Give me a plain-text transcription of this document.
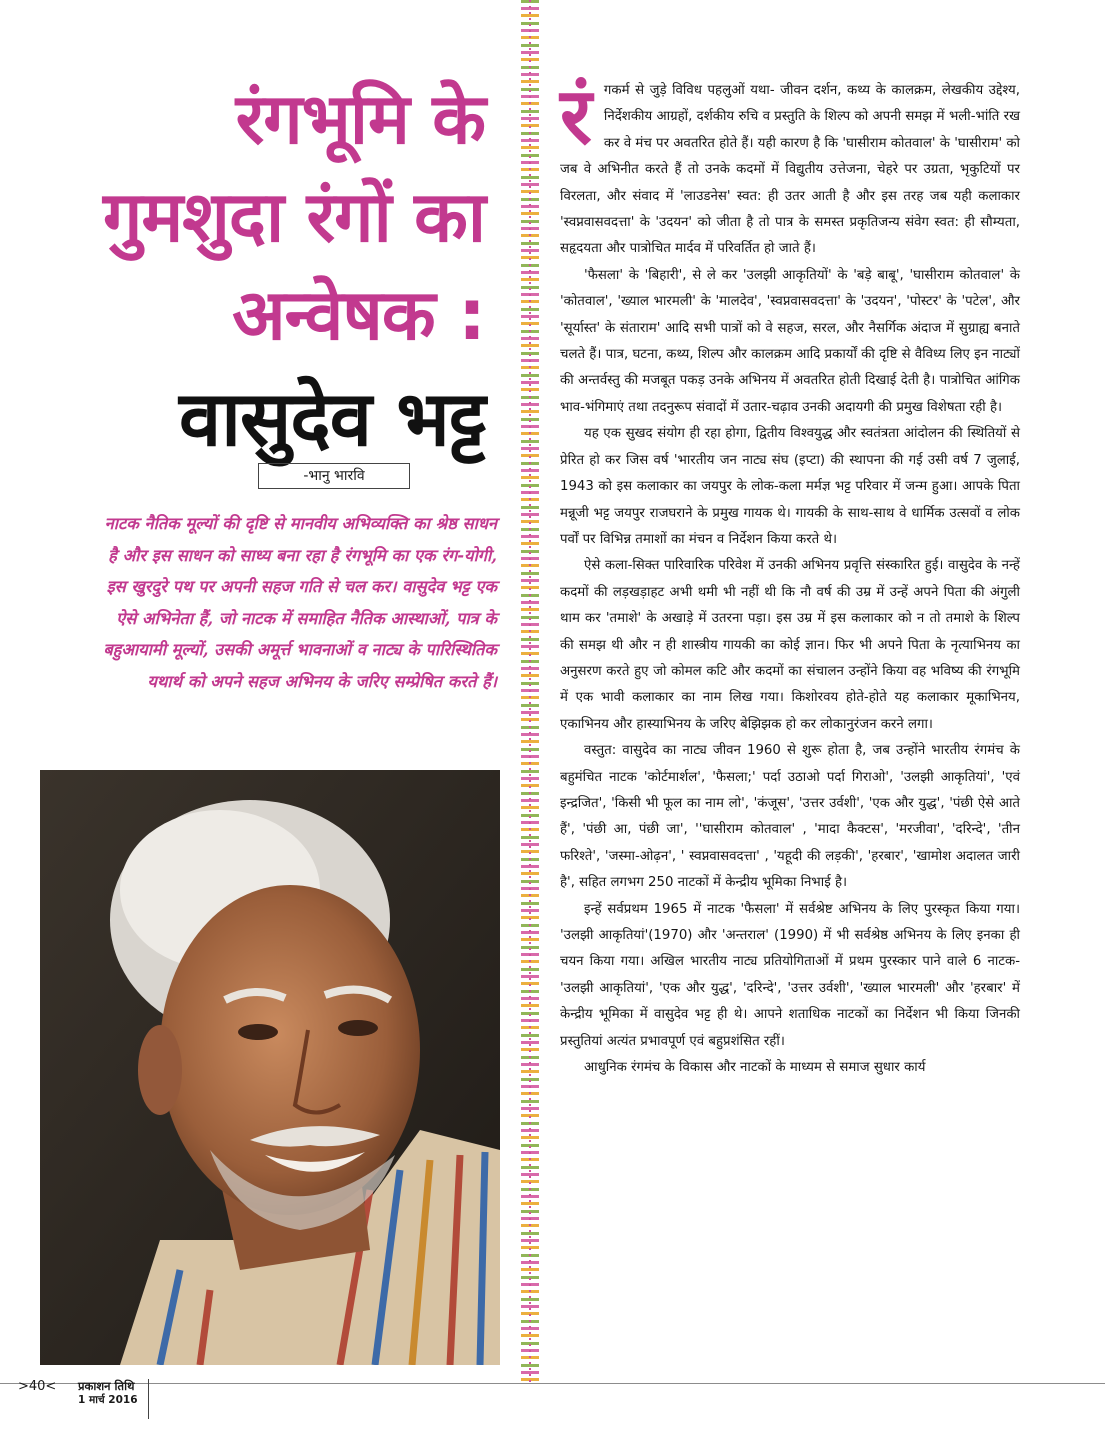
रंगभूमि के
गुमशुदा रंगों का
अन्वेषक :
वासुदेव भट्ट
-भानु भारवि
नाटक नैतिक मूल्यों की दृष्टि से मानवीय अभिव्यक्ति का श्रेष्ठ साधन है और इस साधन को साध्य बना रहा है रंगभूमि का एक रंग-योगी, इस खुरदुरे पथ पर अपनी सहज गति से चल कर। वासुदेव भट्ट एक ऐसे अभिनेता हैं, जो नाटक में समाहित नैतिक आस्थाओं, पात्र के बहुआयामी मूल्यों, उसकी अमूर्त्त भावनाओं व नाट्य के पारिस्थितिक यथार्थ को अपने सहज अभिनय के जरिए सम्प्रेषित करते हैं।

रंगकर्म से जुड़े विविध पहलुओं यथा- जीवन दर्शन, कथ्य के कालक्रम, लेखकीय उद्देश्य, निर्देशकीय आग्रहों, दर्शकीय रुचि व प्रस्तुति के शिल्प को अपनी समझ में भली-भांति रख कर वे मंच पर अवतरित होते हैं। यही कारण है कि 'घासीराम कोतवाल' के 'घासीराम' को जब वे अभिनीत करते हैं तो उनके कदमों में विद्युतीय उत्तेजना, चेहरे पर उग्रता, भृकुटियों पर विरलता, और संवाद में 'लाउडनेस' स्वत: ही उतर आती है और इस तरह जब यही कलाकार 'स्वप्नवासवदत्ता' के 'उदयन' को जीता है तो पात्र के समस्त प्रकृतिजन्य संवेग स्वत: ही सौम्यता, सहृदयता और पात्रोचित मार्दव में परिवर्तित हो जाते हैं।

'फैसला' के 'बिहारी', से ले कर 'उलझी आकृतियों' के 'बड़े बाबू', 'घासीराम कोतवाल' के 'कोतवाल', 'ख्याल भारमली' के 'मालदेव', 'स्वप्नवासवदत्ता' के 'उदयन', 'पोस्टर' के 'पटेल', और 'सूर्यास्त' के संताराम' आदि सभी पात्रों को वे सहज, सरल, और नैसर्गिक अंदाज में सुग्राह्य बनाते चलते हैं। पात्र, घटना, कथ्य, शिल्प और कालक्रम आदि प्रकार्यों की दृष्टि से वैविध्य लिए इन नाट्यों की अन्तर्वस्तु की मजबूत पकड़ उनके अभिनय में अवतरित होती दिखाई देती है। पात्रोचित आंगिक भाव-भंगिमाएं तथा तदनुरूप संवादों में उतार-चढ़ाव उनकी अदायगी की प्रमुख विशेषता रही है।

यह एक सुखद संयोग ही रहा होगा, द्वितीय विश्वयुद्ध और स्वतंत्रता आंदोलन की स्थितियों से प्रेरित हो कर जिस वर्ष 'भारतीय जन नाट्य संघ (इप्टा) की स्थापना की गई उसी वर्ष 7 जुलाई, 1943 को इस कलाकार का जयपुर के लोक-कला मर्मज्ञ भट्ट परिवार में जन्म हुआ। आपके पिता मन्नूजी भट्ट जयपुर राजघराने के प्रमुख गायक थे। गायकी के साथ-साथ वे धार्मिक उत्सवों व लोक पर्वों पर विभिन्न तमाशों का मंचन व निर्देशन किया करते थे।

ऐसे कला-सिक्त पारिवारिक परिवेश में उनकी अभिनय प्रवृत्ति संस्कारित हुई। वासुदेव के नन्हें कदमों की लड़खड़ाहट अभी थमी भी नहीं थी कि नौ वर्ष की उम्र में उन्हें अपने पिता की अंगुली थाम कर 'तमाशे' के अखाड़े में उतरना पड़ा। इस उम्र में इस कलाकार को न तो तमाशे के शिल्प की समझ थी और न ही शास्त्रीय गायकी का कोई ज्ञान। फिर भी अपने पिता के नृत्याभिनय का अनुसरण करते हुए जो कोमल कटि और कदमों का संचालन उन्होंने किया वह भविष्य की रंगभूमि में एक भावी कलाकार का नाम लिख गया। किशोरवय होते-होते यह कलाकार मूकाभिनय, एकाभिनय और हास्याभिनय के जरिए बेझिझक हो कर लोकानुरंजन करने लगा।

वस्तुत: वासुदेव का नाट्य जीवन 1960 से शुरू होता है, जब उन्होंने भारतीय रंगमंच के बहुमंचित नाटक 'कोर्टमार्शल', 'फैसला;' पर्दा उठाओ पर्दा गिराओ', 'उलझी आकृतियां', 'एवं इन्द्रजित', 'किसी भी फूल का नाम लो', 'कंजूस', 'उत्तर उर्वशी', 'एक और युद्ध', 'पंछी ऐसे आते हैं', 'पंछी आ, पंछी जा', ''घासीराम कोतवाल' , 'मादा कैक्टस', 'मरजीवा', 'दरिन्दे', 'तीन फरिश्ते', 'जस्मा-ओढ़न', ' स्वप्नवासवदत्ता' , 'यहूदी की लड़की', 'हरबार', 'खामोश अदालत जारी है', सहित लगभग 250 नाटकों में केन्द्रीय भूमिका निभाई है।

इन्हें सर्वप्रथम 1965 में नाटक 'फैसला' में सर्वश्रेष्ट अभिनय के लिए पुरस्कृत किया गया। 'उलझी आकृतियां'(1970) और 'अन्तराल' (1990) में भी सर्वश्रेष्ठ अभिनय के लिए इनका ही चयन किया गया। अखिल भारतीय नाट्य प्रतियोगिताओं में प्रथम पुरस्कार पाने वाले 6 नाटक-'उलझी आकृतियां', 'एक और युद्ध', 'दरिन्दे', 'उत्तर उर्वशी', 'ख्याल भारमली' और 'हरबार' में केन्द्रीय भूमिका में वासुदेव भट्ट ही थे। आपने शताधिक नाटकों का निर्देशन भी किया जिनकी प्रस्तुतियां अत्यंत प्रभावपूर्ण एवं बहुप्रशंसित रहीं।

आधुनिक रंगमंच के विकास और नाटकों के माध्यम से समाज सुधार कार्य

>40< प्रकाशन तिथि
1 मार्च 2016
